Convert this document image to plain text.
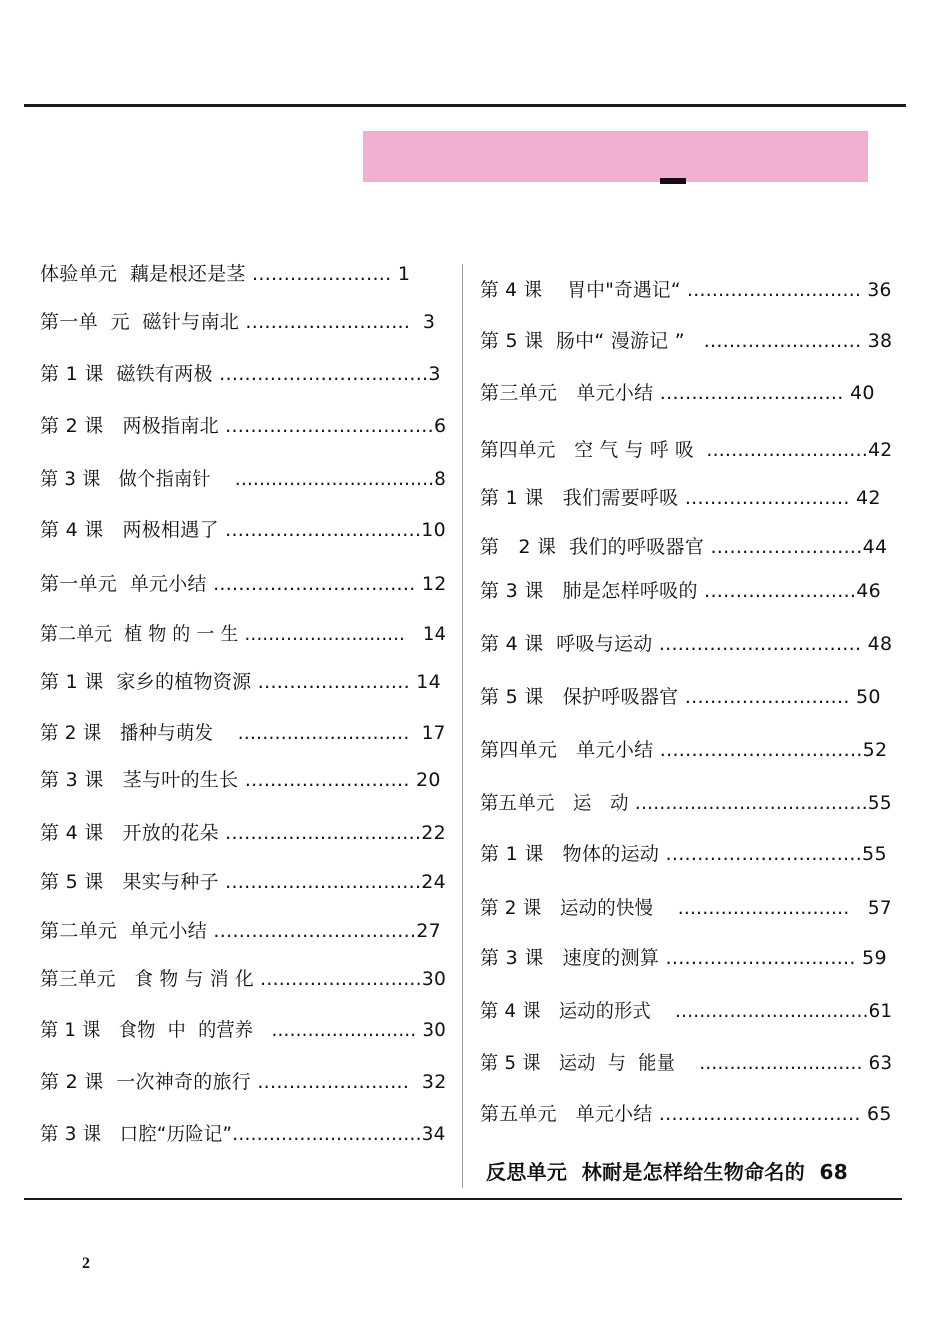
体验单元  藕是根还是茎 ...................... 1
第一单  元  磁针与南北 ..........................  3
第 1 课  磁铁有两极 .................................3
第 2 课   两极指南北 .................................6
第 3 课   做个指南针    .................................8
第 4 课   两极相遇了 ...............................10
第一单元  单元小结 ................................ 12
第二单元  植 物 的 一 生 ...........................   14
第 1 课  家乡的植物资源 ........................ 14
第 2 课   播种与萌发    ............................  17
第 3 课   茎与叶的生长 .......................... 20
第 4 课   开放的花朵 ...............................22
第 5 课   果实与种子 ...............................24
第二单元  单元小结 ................................27
第三单元   食 物 与 消 化 ..........................30
第 1 课   食物  中  的营养   ........................ 30
第 2 课  一次神奇的旅行 ........................  32
第 3 课   口腔“历险记”...............................34
第 4 课    胃中"奇遇记“ ............................ 36
第 5 课  肠中“ 漫游记 ”   ......................... 38
第三单元   单元小结 ............................. 40
第四单元   空 气 与 呼 吸  ..........................42
第 1 课   我们需要呼吸 .......................... 42
第   2 课  我们的呼吸器官 ........................44
第 3 课   肺是怎样呼吸的 ........................46
第 4 课  呼吸与运动 ................................ 48
第 5 课   保护呼吸器官 .......................... 50
第四单元   单元小结 ................................52
第五单元   运   动 ......................................55
第 1 课   物体的运动 ...............................55
第 2 课   运动的快慢    ............................   57
第 3 课   速度的测算 .............................. 59
第 4 课   运动的形式    ................................61
第 5 课   运动  与  能量    ........................... 63
第五单元   单元小结 ................................ 65
反思单元  林耐是怎样给生物命名的  68
2
